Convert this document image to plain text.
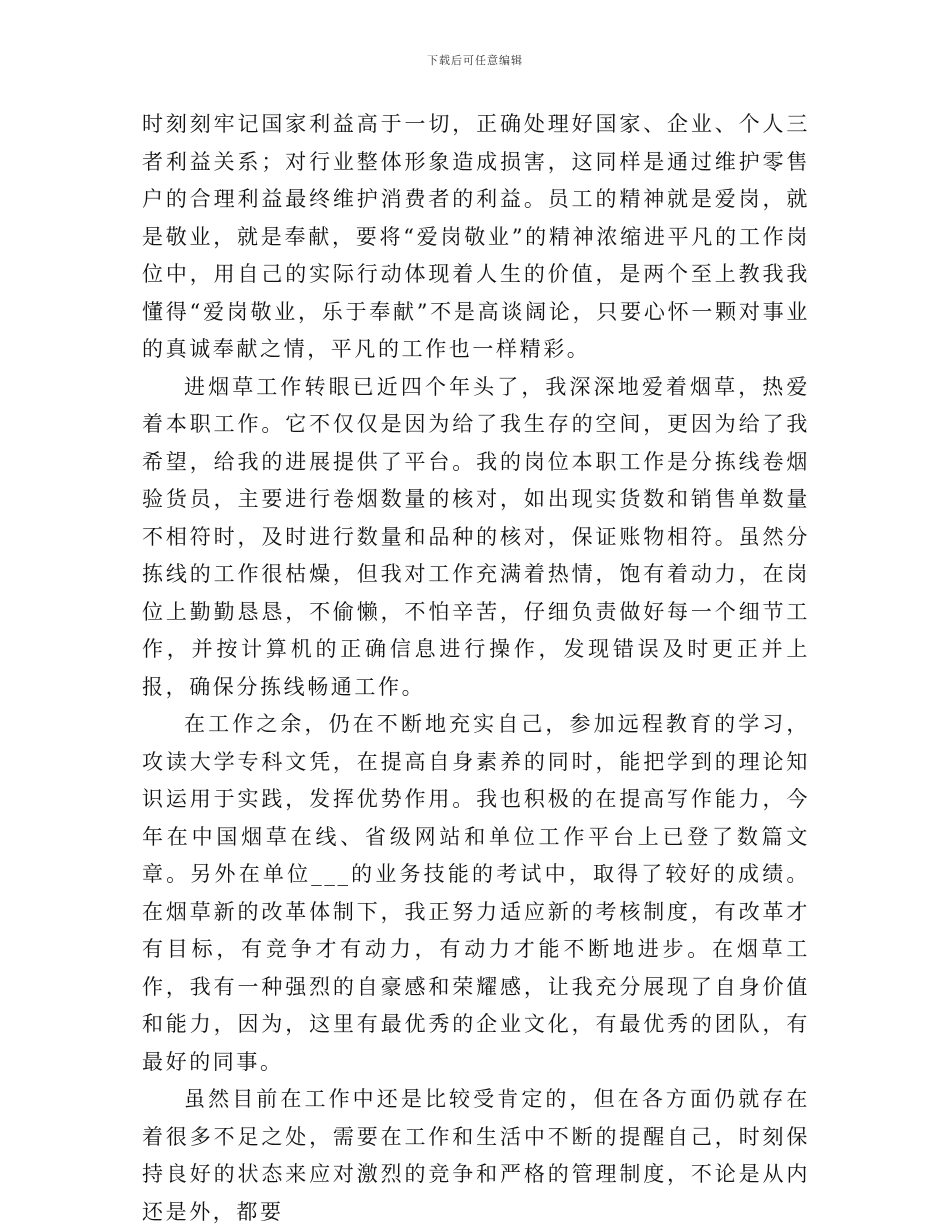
下载后可任意编辑

时刻刻牢记国家利益高于一切，正确处理好国家、企业、个人三者利益关系；对行业整体形象造成损害，这同样是通过维护零售户的合理利益最终维护消费者的利益。员工的精神就是爱岗，就是敬业，就是奉献，要将“爱岗敬业”的精神浓缩进平凡的工作岗位中，用自己的实际行动体现着人生的价值，是两个至上教我我懂得“爱岗敬业，乐于奉献”不是高谈阔论，只要心怀一颗对事业的真诚奉献之情，平凡的工作也一样精彩。

进烟草工作转眼已近四个年头了，我深深地爱着烟草，热爱着本职工作。它不仅仅是因为给了我生存的空间，更因为给了我希望，给我的进展提供了平台。我的岗位本职工作是分拣线卷烟验货员，主要进行卷烟数量的核对，如出现实货数和销售单数量不相符时，及时进行数量和品种的核对，保证账物相符。虽然分拣线的工作很枯燥，但我对工作充满着热情，饱有着动力，在岗位上勤勤恳恳，不偷懒，不怕辛苦，仔细负责做好每一个细节工作，并按计算机的正确信息进行操作，发现错误及时更正并上报，确保分拣线畅通工作。

在工作之余，仍在不断地充实自己，参加远程教育的学习，攻读大学专科文凭，在提高自身素养的同时，能把学到的理论知识运用于实践，发挥优势作用。我也积极的在提高写作能力，今年在中国烟草在线、省级网站和单位工作平台上已登了数篇文章。另外在单位___的业务技能的考试中，取得了较好的成绩。在烟草新的改革体制下，我正努力适应新的考核制度，有改革才有目标，有竞争才有动力，有动力才能不断地进步。在烟草工作，我有一种强烈的自豪感和荣耀感，让我充分展现了自身价值和能力，因为，这里有最优秀的企业文化，有最优秀的团队，有最好的同事。

虽然目前在工作中还是比较受肯定的，但在各方面仍就存在着很多不足之处，需要在工作和生活中不断的提醒自己，时刻保持良好的状态来应对激烈的竞争和严格的管理制度，不论是从内还是外，都要
